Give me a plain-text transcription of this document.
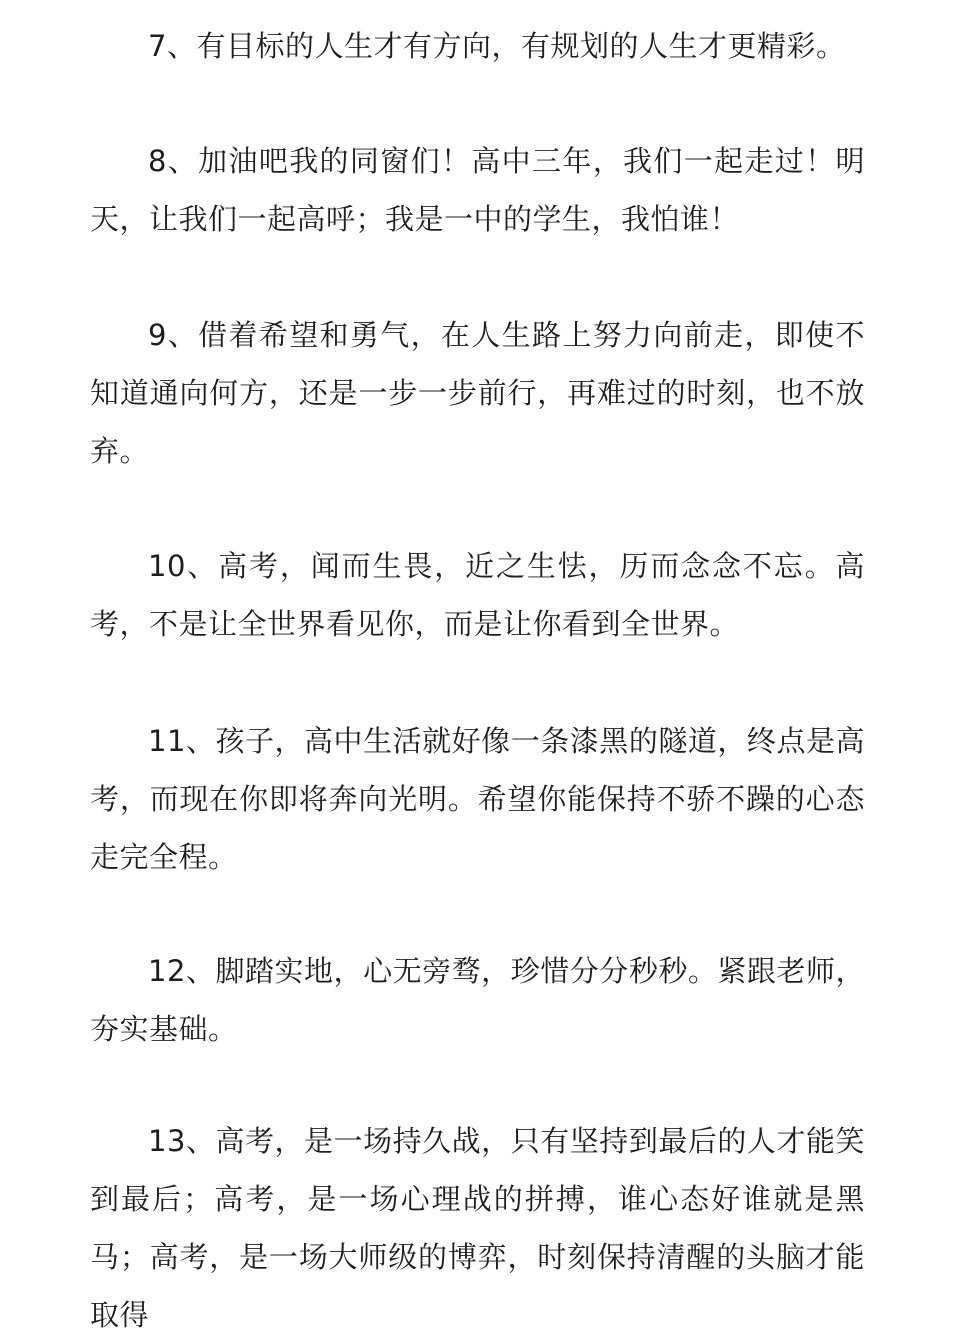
7、有目标的人生才有方向，有规划的人生才更精彩。

8、加油吧我的同窗们！高中三年，我们一起走过！明天，让我们一起高呼；我是一中的学生，我怕谁！

9、借着希望和勇气，在人生路上努力向前走，即使不知道通向何方，还是一步一步前行，再难过的时刻，也不放弃。

10、高考，闻而生畏，近之生怯，历而念念不忘。高考，不是让全世界看见你，而是让你看到全世界。

11、孩子，高中生活就好像一条漆黑的隧道，终点是高考，而现在你即将奔向光明。希望你能保持不骄不躁的心态走完全程。

12、脚踏实地，心无旁骛，珍惜分分秒秒。紧跟老师，夯实基础。

13、高考，是一场持久战，只有坚持到最后的人才能笑到最后；高考，是一场心理战的拼搏，谁心态好谁就是黑马；高考，是一场大师级的博弈，时刻保持清醒的头脑才能取得
